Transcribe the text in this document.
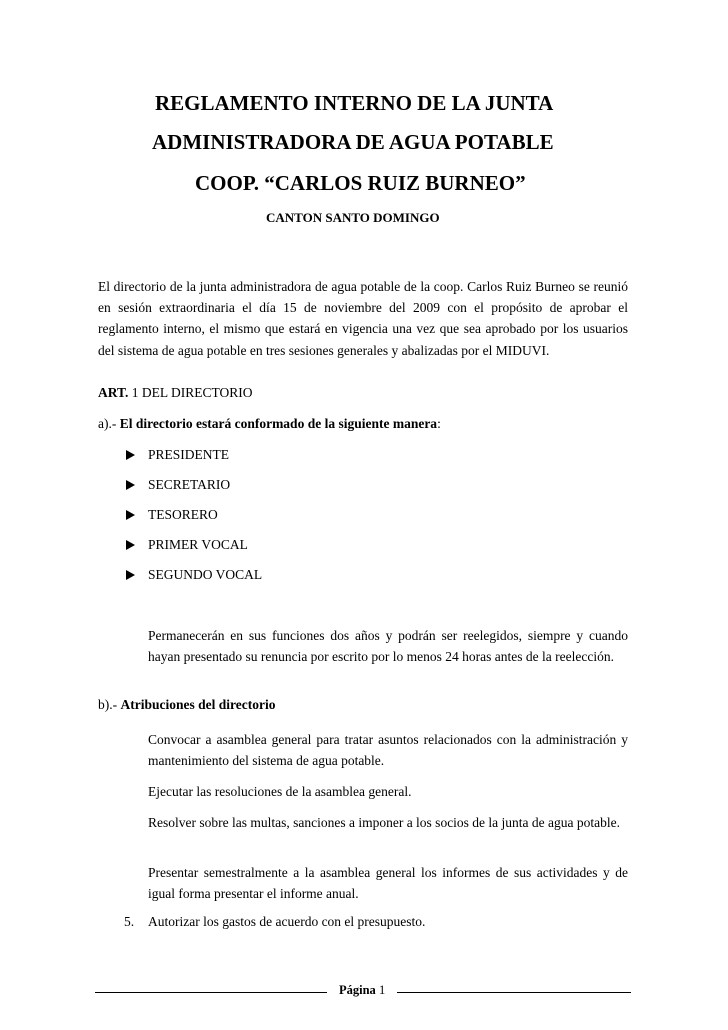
REGLAMENTO INTERNO DE LA JUNTA
ADMINISTRADORA DE AGUA POTABLE
COOP. “CARLOS RUIZ BURNEO”
CANTON SANTO DOMINGO
El directorio de la junta administradora de agua potable de la coop. Carlos Ruiz Burneo se reunió en sesión extraordinaria el día 15 de noviembre del 2009 con el propósito de aprobar el reglamento interno, el mismo que estará en vigencia una vez que sea aprobado por los usuarios del sistema de agua potable en tres sesiones generales y abalizadas por el MIDUVI.
ART. 1 DEL DIRECTORIO
a).- El directorio estará conformado de la siguiente manera:
PRESIDENTE
SECRETARIO
TESORERO
PRIMER VOCAL
SEGUNDO VOCAL
Permanecerán en sus funciones dos años y podrán ser reelegidos, siempre y cuando hayan presentado su renuncia por escrito por lo menos 24 horas antes de la reelección.
b).- Atribuciones del directorio
Convocar a asamblea general para tratar asuntos relacionados con la administración y mantenimiento del sistema de agua potable.
Ejecutar las resoluciones de la asamblea general.
Resolver sobre las multas, sanciones a imponer a los socios de la junta de agua potable.
Presentar semestralmente a la asamblea general los informes de sus actividades y de igual forma presentar el informe anual.
5. Autorizar los gastos de acuerdo con el presupuesto.
Página 1
